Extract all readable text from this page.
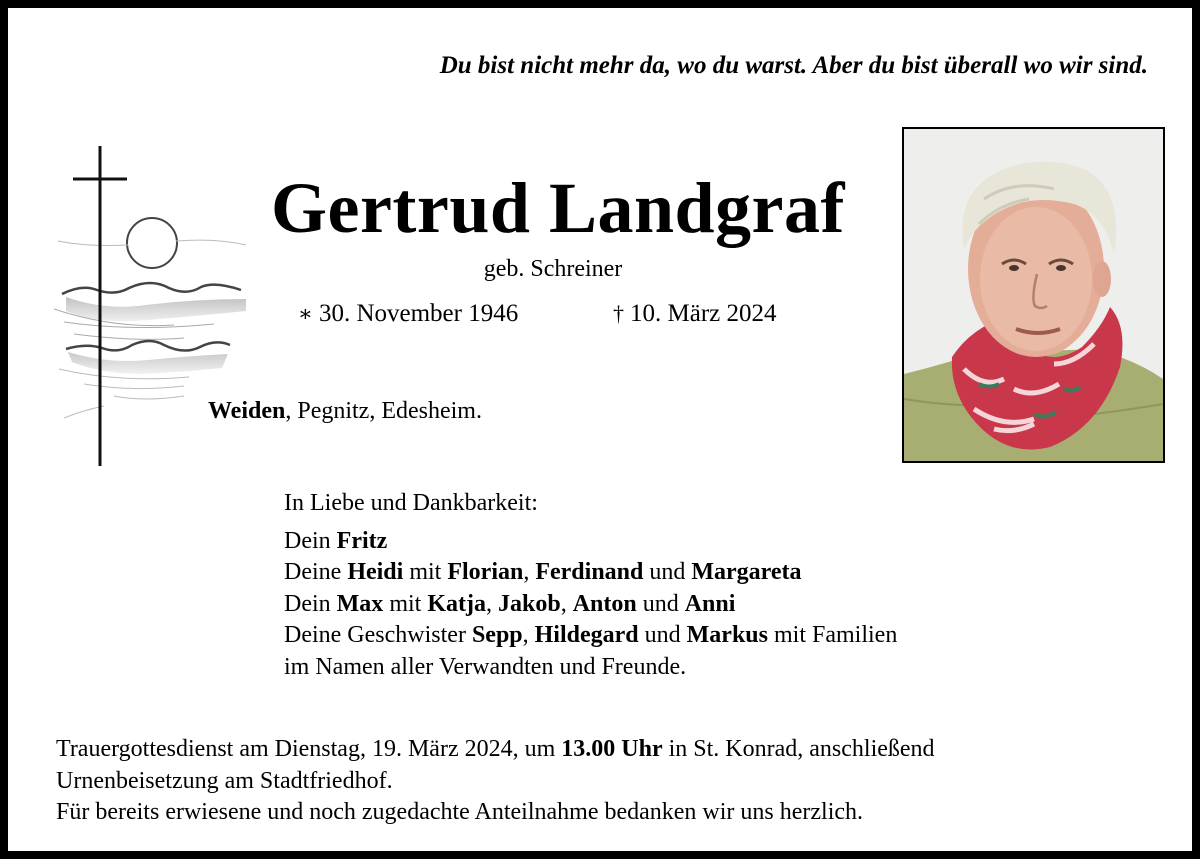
Du bist nicht mehr da, wo du warst. Aber du bist überall wo wir sind.
Gertrud Landgraf
geb. Schreiner
∗ 30. November 1946	† 10. März 2024
Weiden, Pegnitz, Edesheim.
In Liebe und Dankbarkeit:
Dein Fritz
Deine Heidi mit Florian, Ferdinand und Margareta
Dein Max mit Katja, Jakob, Anton und Anni
Deine Geschwister Sepp, Hildegard und Markus mit Familien
im Namen aller Verwandten und Freunde.
Trauergottesdienst am Dienstag, 19. März 2024, um 13.00 Uhr in St. Konrad, anschließend
Urnenbeisetzung am Stadtfriedhof.
Für bereits erwiesene und noch zugedachte Anteilnahme bedanken wir uns herzlich.
